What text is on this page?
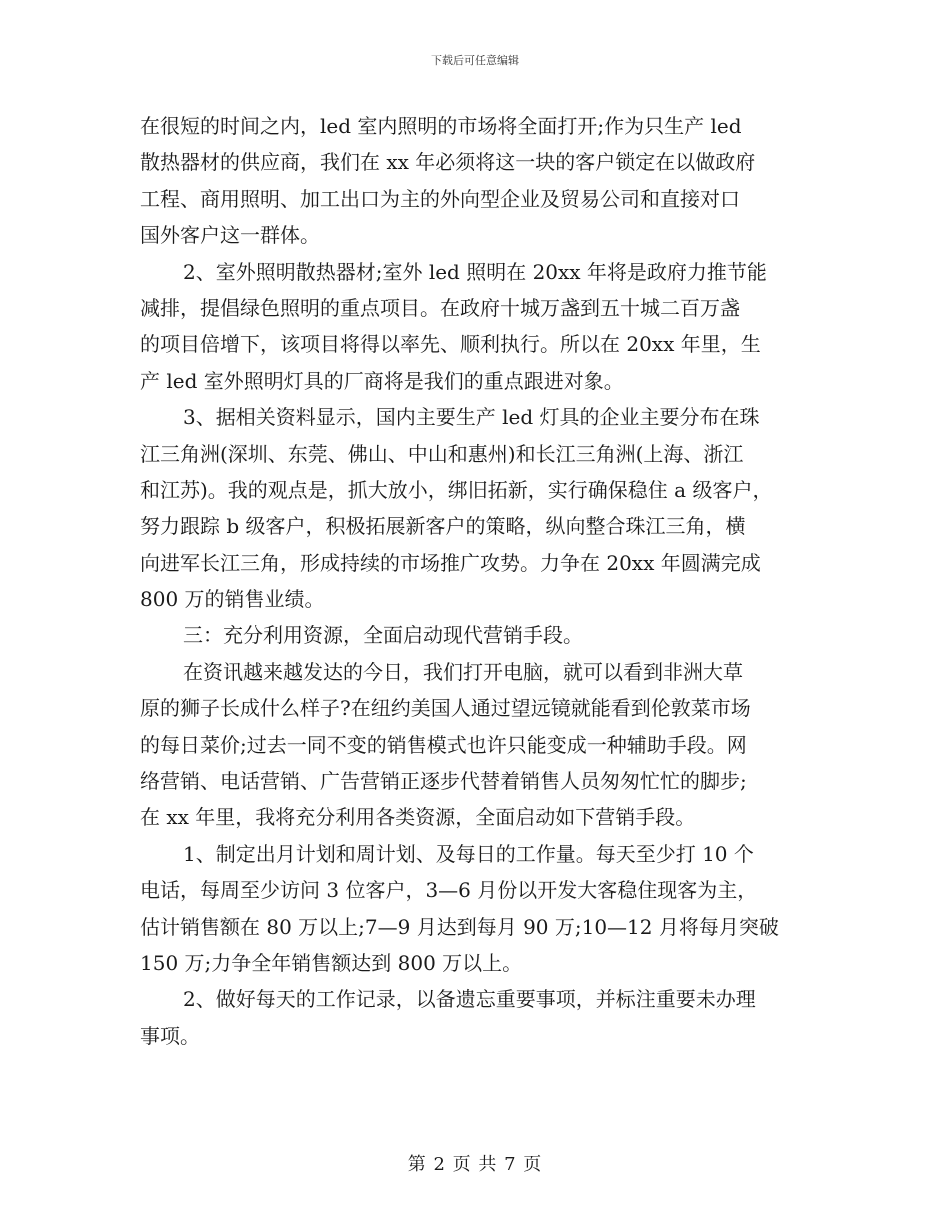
下载后可任意编辑
在很短的时间之内，led 室内照明的市场将全面打开;作为只生产 led
散热器材的供应商，我们在 xx 年必须将这一块的客户锁定在以做政府
工程、商用照明、加工出口为主的外向型企业及贸易公司和直接对口
国外客户这一群体。
2、室外照明散热器材;室外 led 照明在 20xx 年将是政府力推节能
减排，提倡绿色照明的重点项目。在政府十城万盏到五十城二百万盏
的项目倍增下，该项目将得以率先、顺利执行。所以在 20xx 年里，生
产 led 室外照明灯具的厂商将是我们的重点跟进对象。
3、据相关资料显示，国内主要生产 led 灯具的企业主要分布在珠
江三角洲(深圳、东莞、佛山、中山和惠州)和长江三角洲(上海、浙江
和江苏)。我的观点是，抓大放小，绑旧拓新，实行确保稳住 a 级客户，
努力跟踪 b 级客户，积极拓展新客户的策略，纵向整合珠江三角，横
向进军长江三角，形成持续的市场推广攻势。力争在 20xx 年圆满完成
800 万的销售业绩。
三：充分利用资源，全面启动现代营销手段。
在资讯越来越发达的今日，我们打开电脑，就可以看到非洲大草
原的狮子长成什么样子?在纽约美国人通过望远镜就能看到伦敦菜市场
的每日菜价;过去一同不变的销售模式也许只能变成一种辅助手段。网
络营销、电话营销、广告营销正逐步代替着销售人员匆匆忙忙的脚步;
在 xx 年里，我将充分利用各类资源，全面启动如下营销手段。
1、制定出月计划和周计划、及每日的工作量。每天至少打 10 个
电话，每周至少访问 3 位客户，3—6 月份以开发大客稳住现客为主，
估计销售额在 80 万以上;7—9 月达到每月 90 万;10—12 月将每月突破
150 万;力争全年销售额达到 800 万以上。
2、做好每天的工作记录，以备遗忘重要事项，并标注重要未办理
事项。
第 2 页 共 7 页
